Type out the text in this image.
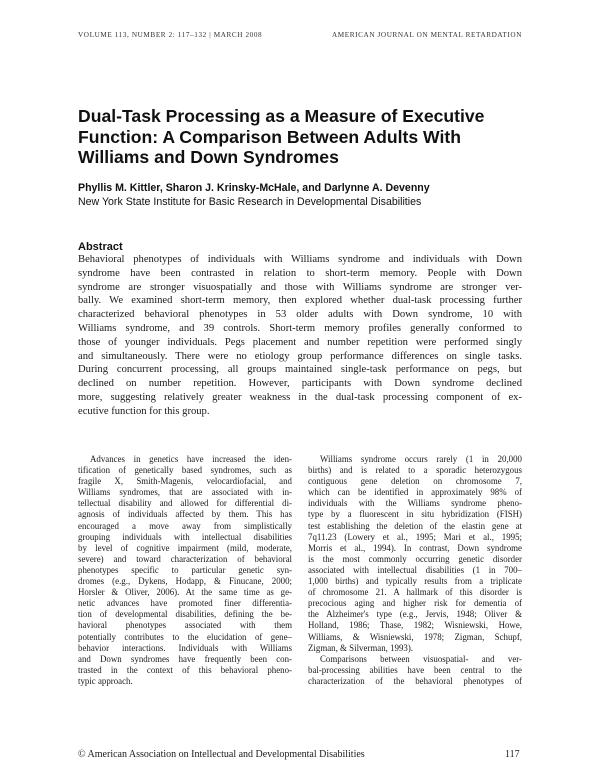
VOLUME 113, NUMBER 2: 117–132 | MARCH 2008	AMERICAN JOURNAL ON MENTAL RETARDATION
Dual-Task Processing as a Measure of Executive
Function: A Comparison Between Adults With
Williams and Down Syndromes
Phyllis M. Kittler, Sharon J. Krinsky-McHale, and Darlynne A. Devenny
New York State Institute for Basic Research in Developmental Disabilities
Abstract
Behavioral phenotypes of individuals with Williams syndrome and individuals with Down
syndrome have been contrasted in relation to short-term memory. People with Down
syndrome are stronger visuospatially and those with Williams syndrome are stronger ver-
bally. We examined short-term memory, then explored whether dual-task processing further
characterized behavioral phenotypes in 53 older adults with Down syndrome, 10 with
Williams syndrome, and 39 controls. Short-term memory profiles generally conformed to
those of younger individuals. Pegs placement and number repetition were performed singly
and simultaneously. There were no etiology group performance differences on single tasks.
During concurrent processing, all groups maintained single-task performance on pegs, but
declined on number repetition. However, participants with Down syndrome declined
more, suggesting relatively greater weakness in the dual-task processing component of ex-
ecutive function for this group.
Advances in genetics have increased the iden-
tification of genetically based syndromes, such as
fragile X, Smith-Magenis, velocardiofacial, and
Williams syndromes, that are associated with in-
tellectual disability and allowed for differential di-
agnosis of individuals affected by them. This has
encouraged a move away from simplistically
grouping individuals with intellectual disabilities
by level of cognitive impairment (mild, moderate,
severe) and toward characterization of behavioral
phenotypes specific to particular genetic syn-
dromes (e.g., Dykens, Hodapp, & Finucane, 2000;
Horsler & Oliver, 2006). At the same time as ge-
netic advances have promoted finer differentia-
tion of developmental disabilities, defining the be-
havioral phenotypes associated with them
potentially contributes to the elucidation of gene–
behavior interactions. Individuals with Williams
and Down syndromes have frequently been con-
trasted in the context of this behavioral pheno-
typic approach.
Williams syndrome occurs rarely (1 in 20,000
births) and is related to a sporadic heterozygous
contiguous gene deletion on chromosome 7,
which can be identified in approximately 98% of
individuals with the Williams syndrome pheno-
type by a fluorescent in situ hybridization (FISH)
test establishing the deletion of the elastin gene at
7q11.23 (Lowery et al., 1995; Mari et al., 1995;
Morris et al., 1994). In contrast, Down syndrome
is the most commonly occurring genetic disorder
associated with intellectual disabilities (1 in 700–
1,000 births) and typically results from a triplicate
of chromosome 21. A hallmark of this disorder is
precocious aging and higher risk for dementia of
the Alzheimer's type (e.g., Jervis, 1948; Oliver &
Holland, 1986; Thase, 1982; Wisniewski, Howe,
Williams, & Wisniewski, 1978; Zigman, Schupf,
Zigman, & Silverman, 1993).
Comparisons between visuospatial- and ver-
bal-processing abilities have been central to the
characterization of the behavioral phenotypes of
© American Association on Intellectual and Developmental Disabilities	117
